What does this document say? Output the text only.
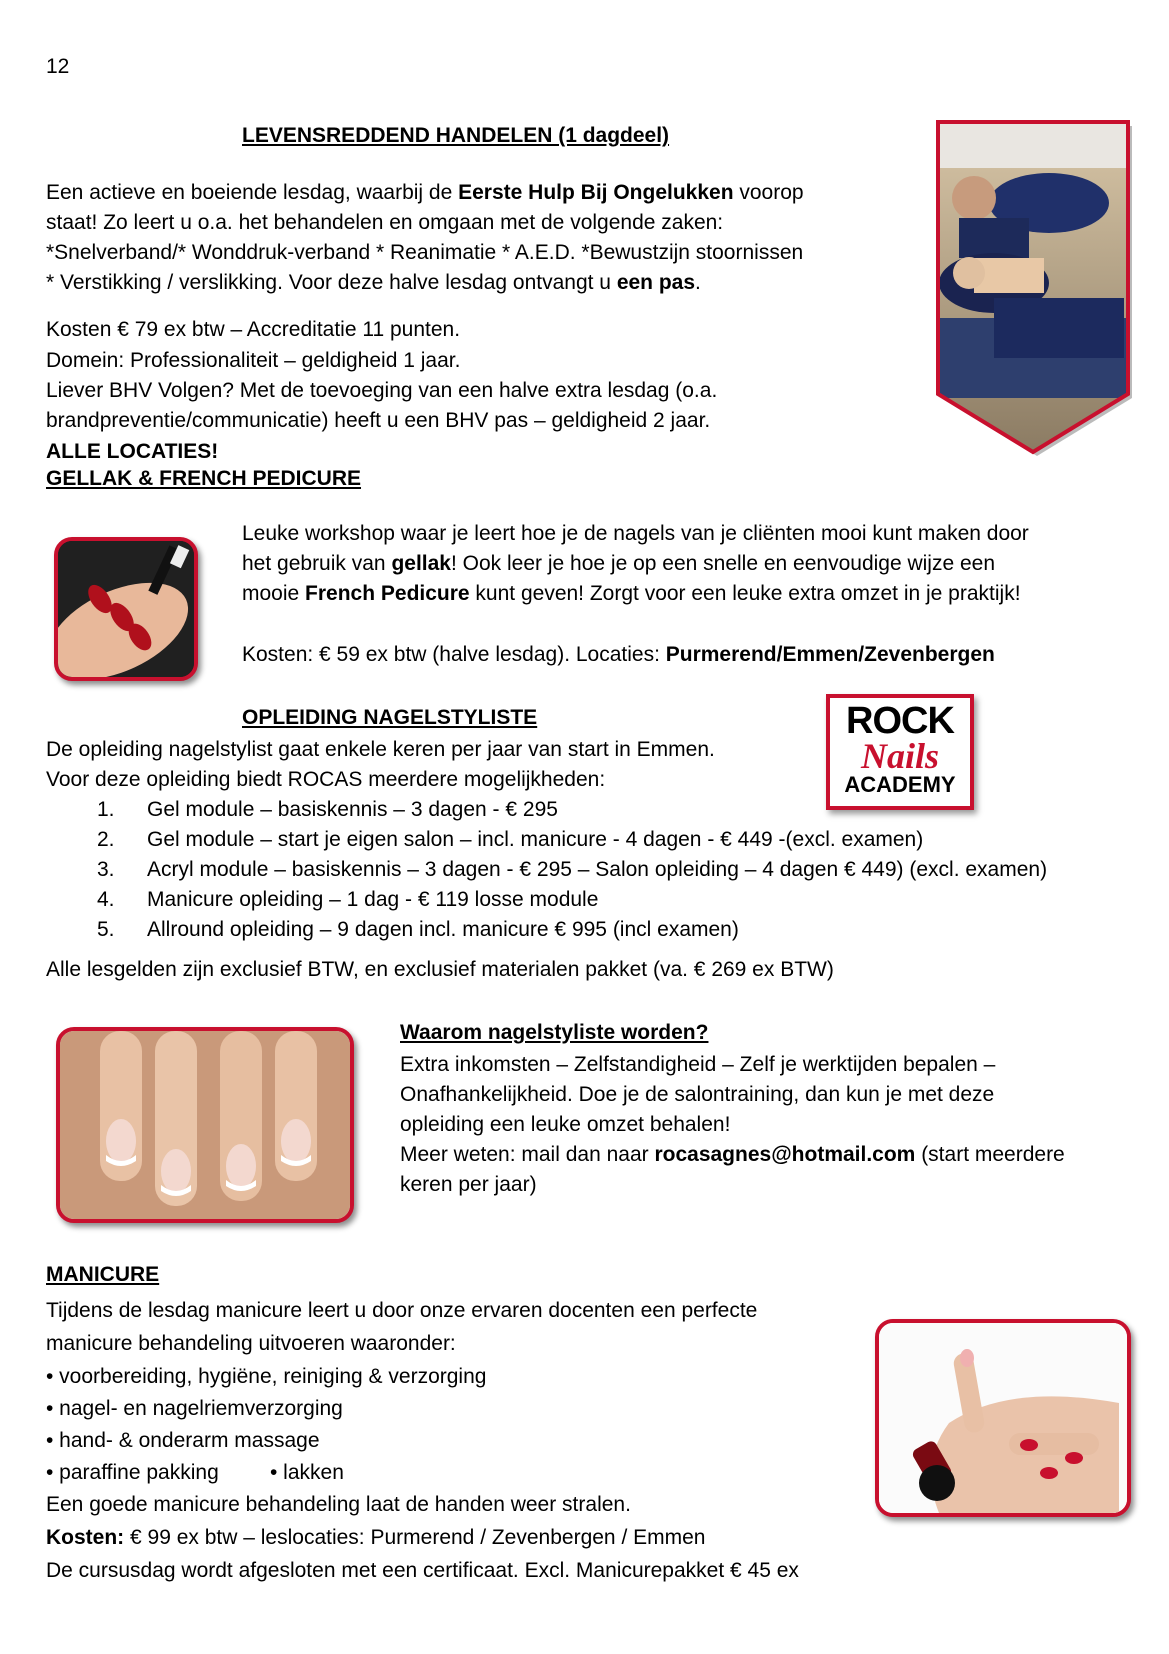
12
LEVENSREDDEND HANDELEN (1 dagdeel)
Een actieve en boeiende lesdag, waarbij de Eerste Hulp Bij Ongelukken voorop
staat! Zo leert u o.a. het behandelen en omgaan met de volgende zaken:
*Snelverband/* Wonddruk-verband * Reanimatie * A.E.D. *Bewustzijn stoornissen
* Verstikking / verslikking. Voor deze halve lesdag ontvangt u een pas.
Kosten € 79 ex btw – Accreditatie 11 punten.
Domein: Professionaliteit – geldigheid 1 jaar.
Liever BHV Volgen? Met de toevoeging van een halve extra lesdag (o.a.
brandpreventie/communicatie) heeft u een BHV pas – geldigheid 2 jaar.
ALLE LOCATIES!
GELLAK & FRENCH PEDICURE
Leuke workshop waar je leert hoe je de nagels van je cliënten mooi kunt maken door
het gebruik van gellak! Ook leer je hoe je op een snelle en eenvoudige wijze een
mooie French Pedicure kunt geven! Zorgt voor een leuke extra omzet in je praktijk!
Kosten: € 59 ex btw (halve lesdag). Locaties: Purmerend/Emmen/Zevenbergen
OPLEIDING NAGELSTYLISTE
De opleiding nagelstylist gaat enkele keren per jaar van start in Emmen.
Voor deze opleiding biedt ROCAS meerdere mogelijkheden:
1. Gel module – basiskennis – 3 dagen - € 295
2. Gel module – start je eigen salon – incl. manicure - 4 dagen - € 449 -(excl. examen)
3. Acryl module – basiskennis – 3 dagen - € 295 – Salon opleiding – 4 dagen € 449) (excl. examen)
4. Manicure opleiding – 1 dag - € 119 losse module
5. Allround opleiding – 9 dagen incl. manicure € 995 (incl examen)
Alle lesgelden zijn exclusief BTW, en exclusief materialen pakket (va. € 269 ex BTW)
ROCK
Nails
ACADEMY
Waarom nagelstyliste worden?
Extra inkomsten – Zelfstandigheid – Zelf je werktijden bepalen –
Onafhankelijkheid. Doe je de salontraining, dan kun je met deze
opleiding een leuke omzet behalen!
Meer weten: mail dan naar rocasagnes@hotmail.com (start meerdere
keren per jaar)
MANICURE
Tijdens de lesdag manicure leert u door onze ervaren docenten een perfecte
manicure behandeling uitvoeren waaronder:
• voorbereiding, hygiëne, reiniging & verzorging
• nagel- en nagelriemverzorging
• hand- & onderarm massage
• paraffine pakking • lakken
Een goede manicure behandeling laat de handen weer stralen.
Kosten: € 99 ex btw – leslocaties: Purmerend / Zevenbergen / Emmen
De cursusdag wordt afgesloten met een certificaat. Excl. Manicurepakket € 45 ex
